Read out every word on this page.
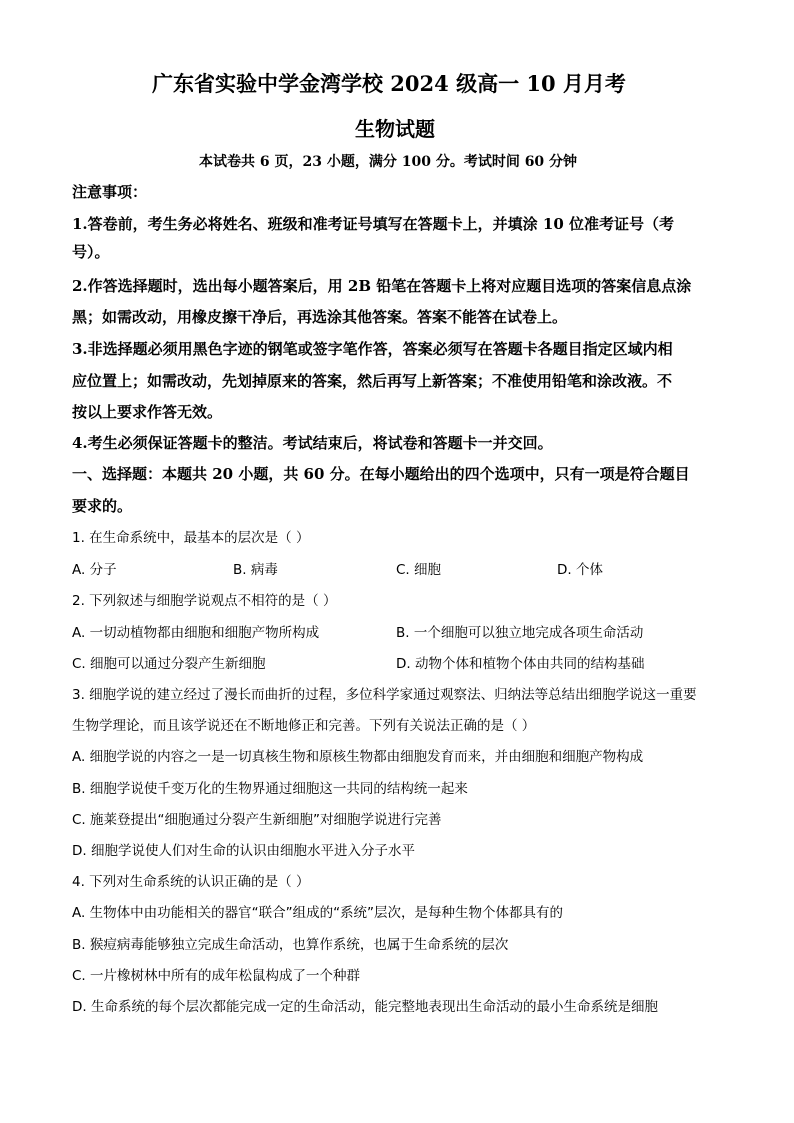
广东省实验中学金湾学校 2024 级高一 10 月月考
生物试题
本试卷共 6 页，23 小题，满分 100 分。考试时间 60 分钟
注意事项：
1.答卷前，考生务必将姓名、班级和准考证号填写在答题卡上，并填涂 10 位准考证号（考
号）。
2.作答选择题时，选出每小题答案后，用 2B 铅笔在答题卡上将对应题目选项的答案信息点涂
黑；如需改动，用橡皮擦干净后，再选涂其他答案。答案不能答在试卷上。
3.非选择题必须用黑色字迹的钢笔或签字笔作答，答案必须写在答题卡各题目指定区域内相
应位置上；如需改动，先划掉原来的答案，然后再写上新答案；不准使用铅笔和涂改液。不
按以上要求作答无效。
4.考生必须保证答题卡的整洁。考试结束后，将试卷和答题卡一并交回。
一、选择题：本题共 20 小题，共 60 分。在每小题给出的四个选项中，只有一项是符合题目
要求的。
1. 在生命系统中，最基本的层次是（ ）
A. 分子	B. 病毒	C. 细胞	D. 个体
2. 下列叙述与细胞学说观点不相符的是（ ）
A. 一切动植物都由细胞和细胞产物所构成	B. 一个细胞可以独立地完成各项生命活动
C. 细胞可以通过分裂产生新细胞	D. 动物个体和植物个体由共同的结构基础
3. 细胞学说的建立经过了漫长而曲折的过程，多位科学家通过观察法、归纳法等总结出细胞学说这一重要
生物学理论，而且该学说还在不断地修正和完善。下列有关说法正确的是（ ）
A. 细胞学说的内容之一是一切真核生物和原核生物都由细胞发育而来，并由细胞和细胞产物构成
B. 细胞学说使千变万化的生物界通过细胞这一共同的结构统一起来
C. 施莱登提出“细胞通过分裂产生新细胞”对细胞学说进行完善
D. 细胞学说使人们对生命的认识由细胞水平进入分子水平
4. 下列对生命系统的认识正确的是（ ）
A. 生物体中由功能相关的器官“联合”组成的“系统”层次，是每种生物个体都具有的
B. 猴痘病毒能够独立完成生命活动，也算作系统，也属于生命系统的层次
C. 一片橡树林中所有的成年松鼠构成了一个种群
D. 生命系统的每个层次都能完成一定的生命活动，能完整地表现出生命活动的最小生命系统是细胞
